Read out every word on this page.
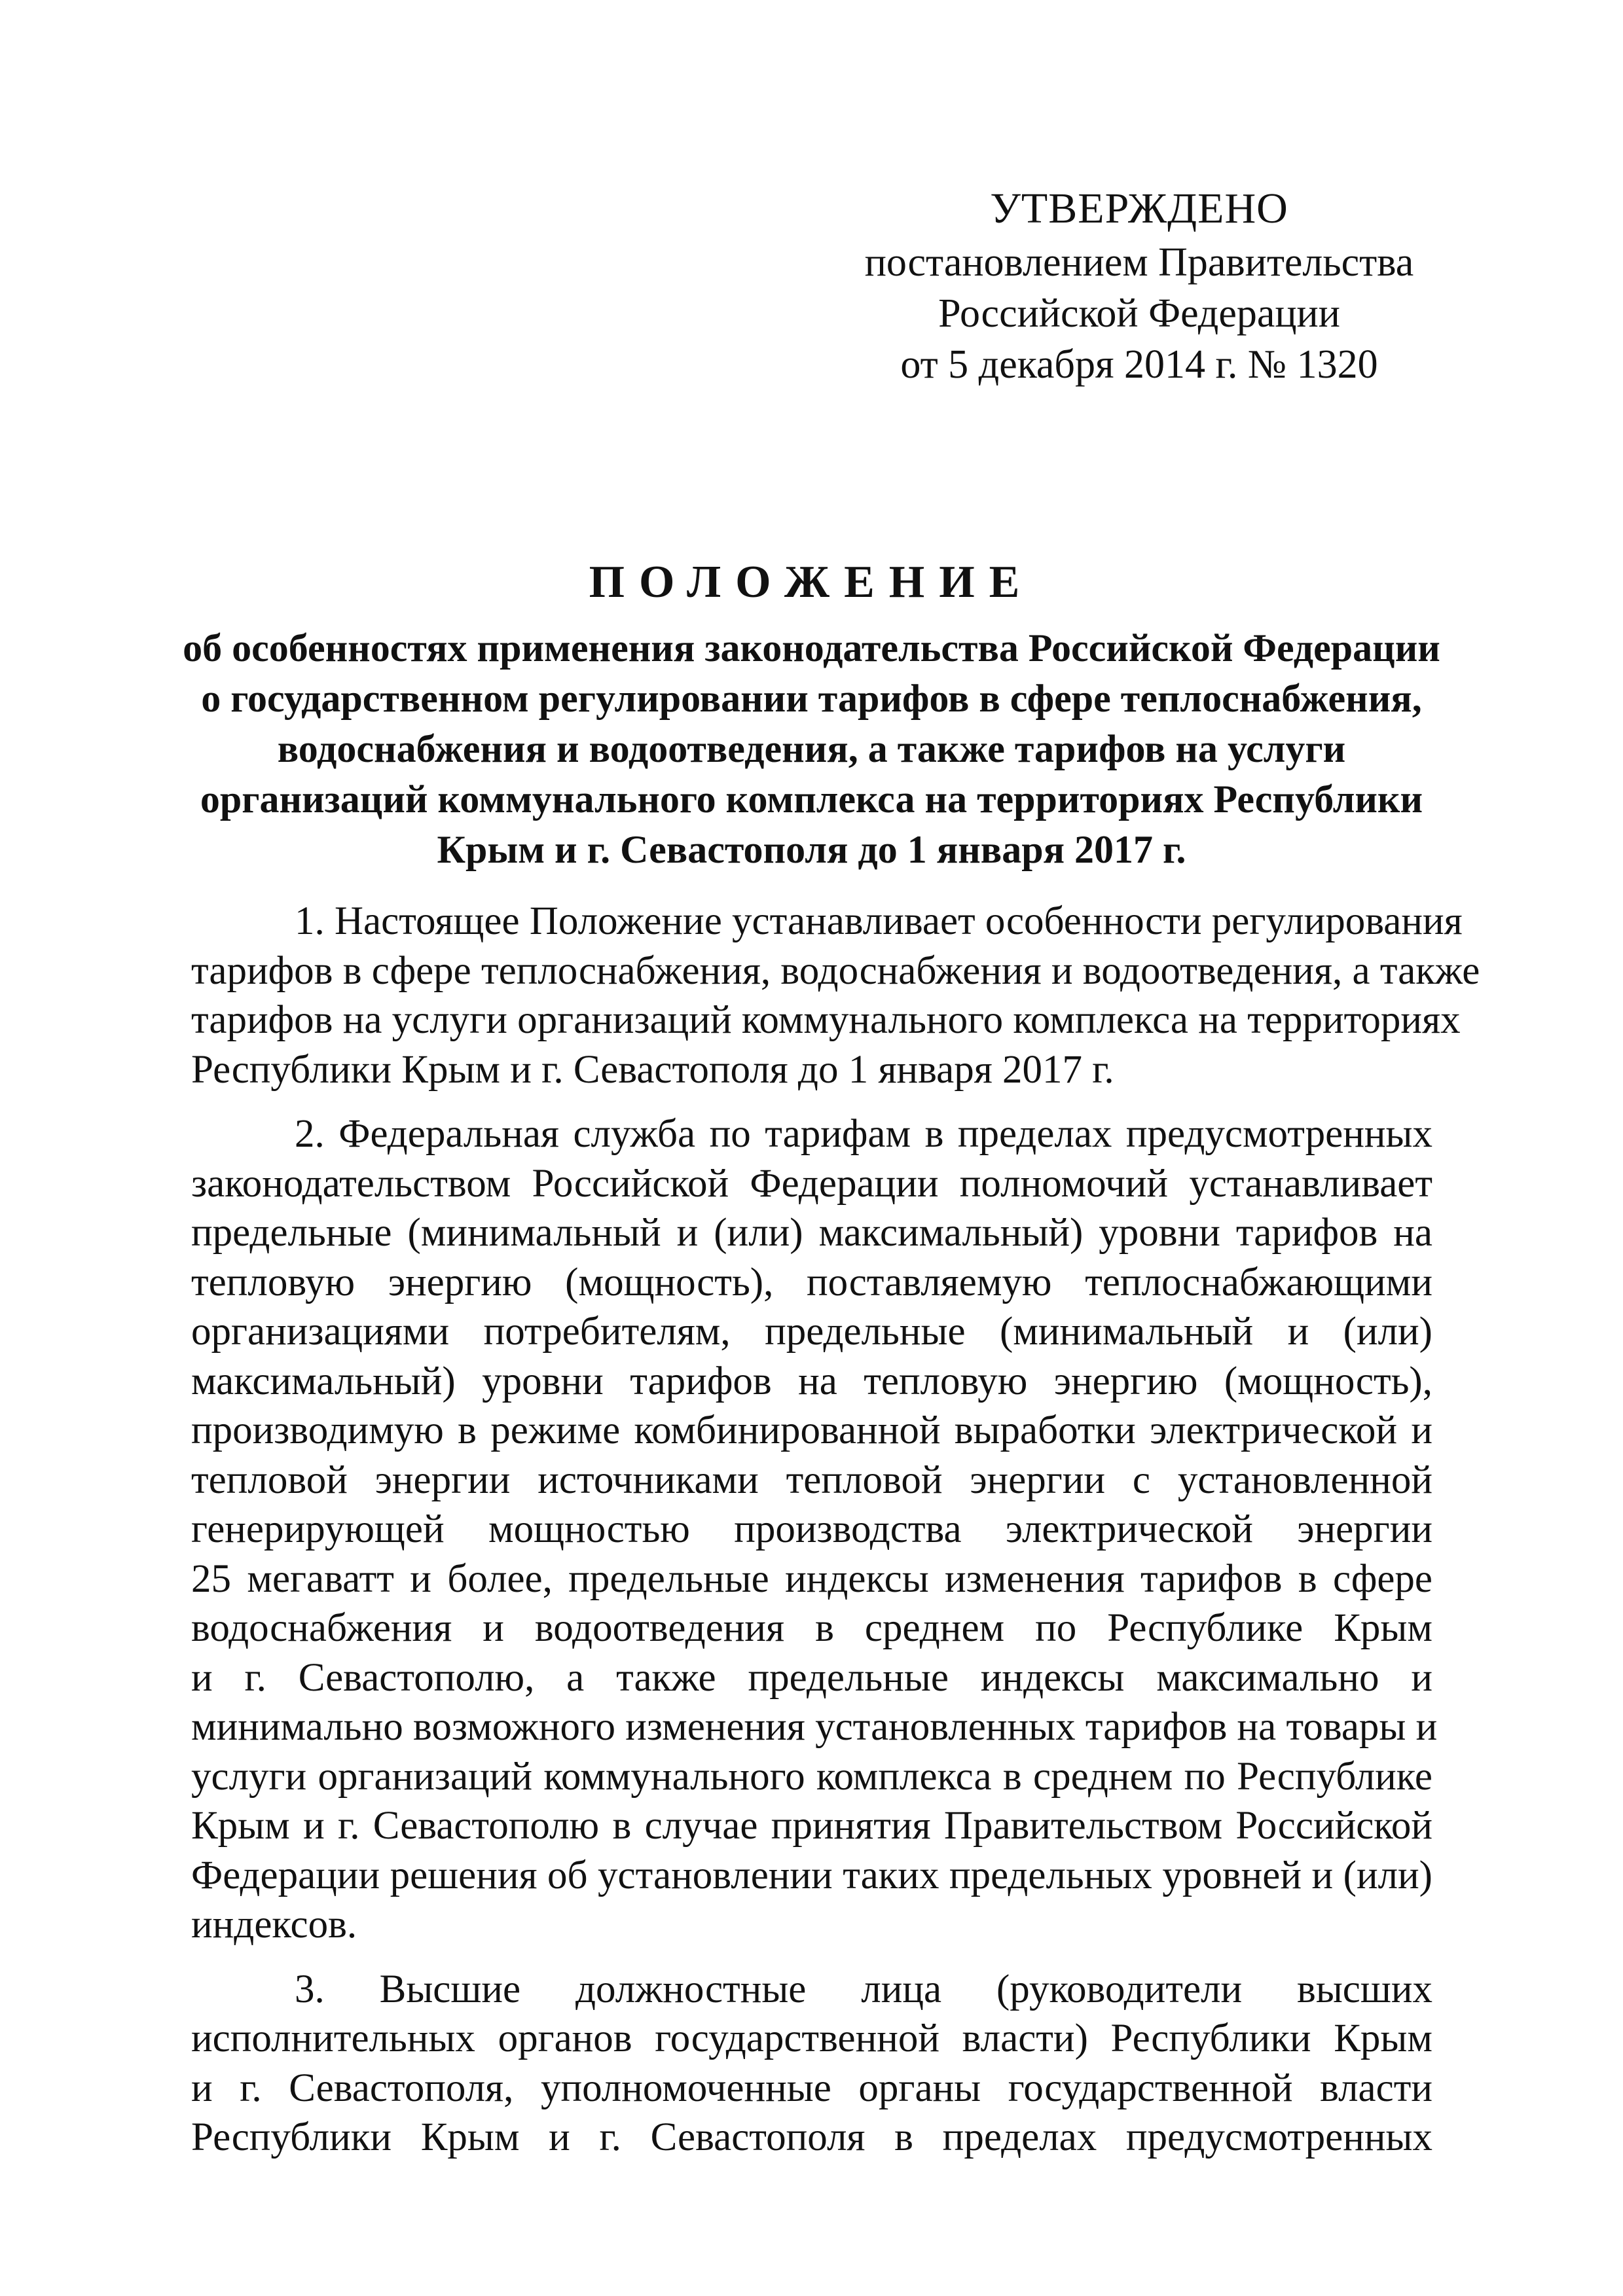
УТВЕРЖДЕНО
постановлением Правительства
Российской Федерации
от 5 декабря 2014 г. № 1320
ПОЛОЖЕНИЕ
об особенностях применения законодательства Российской Федерации
о государственном регулировании тарифов в сфере теплоснабжения,
водоснабжения и водоотведения, а также тарифов на услуги
организаций коммунального комплекса на территориях Республики
Крым и г. Севастополя до 1 января 2017 г.
1. Настоящее Положение устанавливает особенности регулирования
тарифов в сфере теплоснабжения, водоснабжения и водоотведения, а также
тарифов на услуги организаций коммунального комплекса на территориях
Республики Крым и г. Севастополя до 1 января 2017 г.
2. Федеральная служба по тарифам в пределах предусмотренных
законодательством Российской Федерации полномочий устанавливает
предельные (минимальный и (или) максимальный) уровни тарифов на
тепловую энергию (мощность), поставляемую теплоснабжающими
организациями потребителям, предельные (минимальный и (или)
максимальный) уровни тарифов на тепловую энергию (мощность),
производимую в режиме комбинированной выработки электрической и
тепловой энергии источниками тепловой энергии с установленной
генерирующей мощностью производства электрической энергии
25 мегаватт и более, предельные индексы изменения тарифов в сфере
водоснабжения и водоотведения в среднем по Республике Крым
и г. Севастополю, а также предельные индексы максимально и
минимально возможного изменения установленных тарифов на товары и
услуги организаций коммунального комплекса в среднем по Республике
Крым и г. Севастополю в случае принятия Правительством Российской
Федерации решения об установлении таких предельных уровней и (или)
индексов.
3. Высшие должностные лица (руководители высших
исполнительных органов государственной власти) Республики Крым
и г. Севастополя, уполномоченные органы государственной власти
Республики Крым и г. Севастополя в пределах предусмотренных
